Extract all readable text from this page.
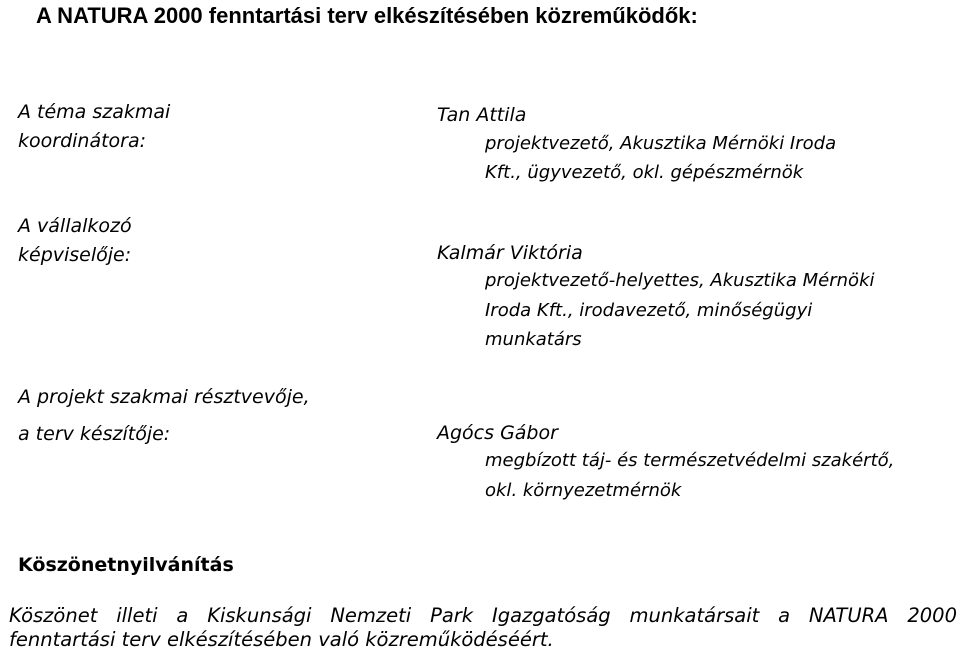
A NATURA 2000 fenntartási terv elkészítésében közreműködők:
A téma szakmai
koordinátora:
Tan Attila
projektvezető, Akusztika Mérnöki Iroda
Kft., ügyvezető, okl. gépészmérnök
A vállalkozó
képviselője:	Kalmár Viktória
projektvezető-helyettes, Akusztika Mérnöki
Iroda Kft., irodavezető, minőségügyi
munkatárs
A projekt szakmai résztvevője,
a terv készítője:	Agócs Gábor
megbízott táj- és természetvédelmi szakértő,
okl. környezetmérnök
Köszönetnyilvánítás
Köszönet illeti a Kiskunsági Nemzeti Park Igazgatóság munkatársait a NATURA 2000
fenntartási terv elkészítésében való közreműködéséért.
